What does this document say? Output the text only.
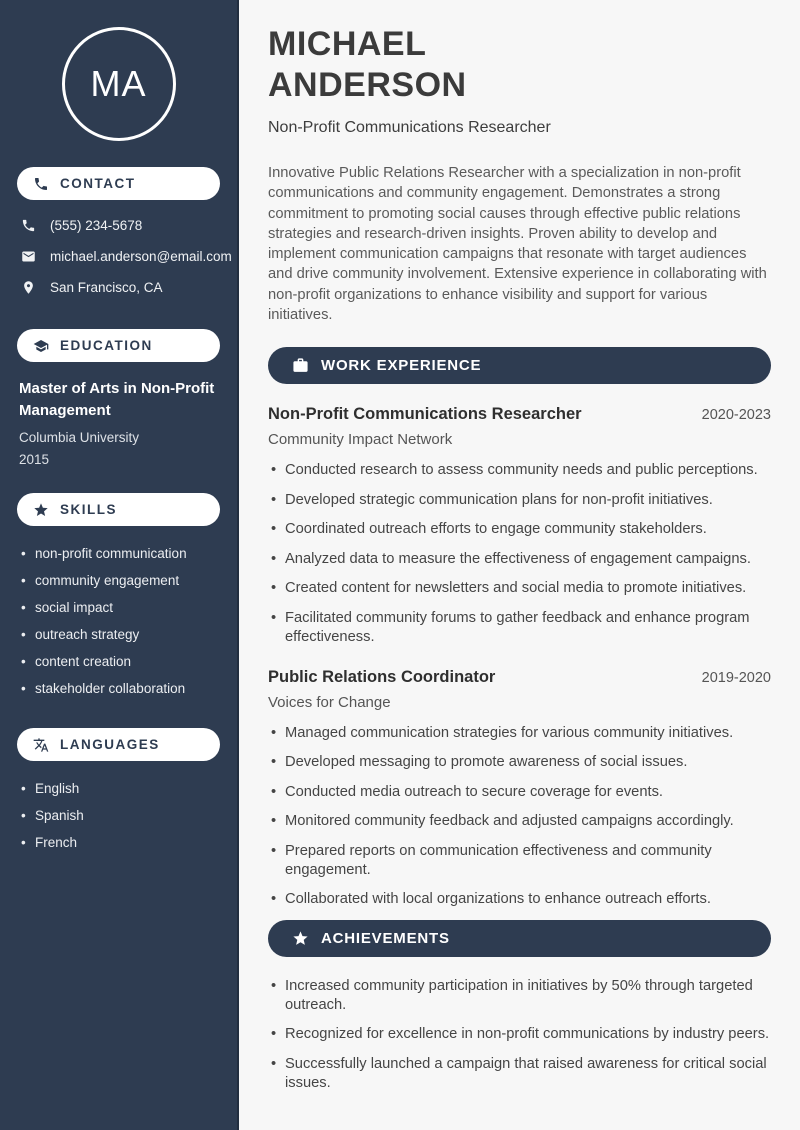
MA
CONTACT
(555) 234-5678
michael.anderson@email.com
San Francisco, CA
EDUCATION
Master of Arts in Non-Profit Management
Columbia University
2015
SKILLS
• non-profit communication
• community engagement
• social impact
• outreach strategy
• content creation
• stakeholder collaboration
LANGUAGES
• English
• Spanish
• French
MICHAEL
ANDERSON
Non-Profit Communications Researcher

Innovative Public Relations Researcher with a specialization in non-profit communications and community engagement. Demonstrates a strong commitment to promoting social causes through effective public relations strategies and research-driven insights. Proven ability to develop and implement communication campaigns that resonate with target audiences and drive community involvement. Extensive experience in collaborating with non-profit organizations to enhance visibility and support for various initiatives.

WORK EXPERIENCE
Non-Profit Communications Researcher	2020-2023
Community Impact Network
• Conducted research to assess community needs and public perceptions.
• Developed strategic communication plans for non-profit initiatives.
• Coordinated outreach efforts to engage community stakeholders.
• Analyzed data to measure the effectiveness of engagement campaigns.
• Created content for newsletters and social media to promote initiatives.
• Facilitated community forums to gather feedback and enhance program effectiveness.
Public Relations Coordinator	2019-2020
Voices for Change
• Managed communication strategies for various community initiatives.
• Developed messaging to promote awareness of social issues.
• Conducted media outreach to secure coverage for events.
• Monitored community feedback and adjusted campaigns accordingly.
• Prepared reports on communication effectiveness and community engagement.
• Collaborated with local organizations to enhance outreach efforts.
ACHIEVEMENTS
• Increased community participation in initiatives by 50% through targeted outreach.
• Recognized for excellence in non-profit communications by industry peers.
• Successfully launched a campaign that raised awareness for critical social issues.
